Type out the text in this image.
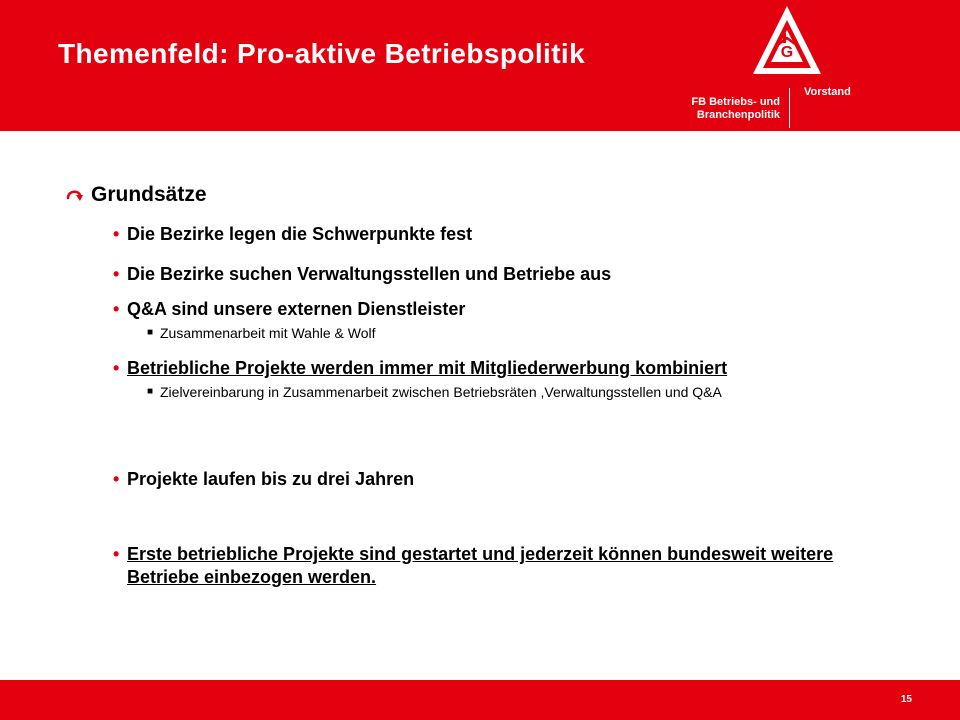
Themenfeld: Pro-aktive Betriebspolitik	G
FB Betriebs- und
Branchenpolitik
Vorstand
Grundsätze
• Die Bezirke legen die Schwerpunkte fest
• Die Bezirke suchen Verwaltungsstellen und Betriebe aus
• Q&A sind unsere externen Dienstleister
■ Zusammenarbeit mit Wahle & Wolf
• Betriebliche Projekte werden immer mit Mitgliederwerbung kombiniert
■ Zielvereinbarung in Zusammenarbeit zwischen Betriebsräten ,Verwaltungsstellen und Q&A
• Projekte laufen bis zu drei Jahren
• Erste betriebliche Projekte sind gestartet und jederzeit können bundesweit weitere Betriebe einbezogen werden.
15
